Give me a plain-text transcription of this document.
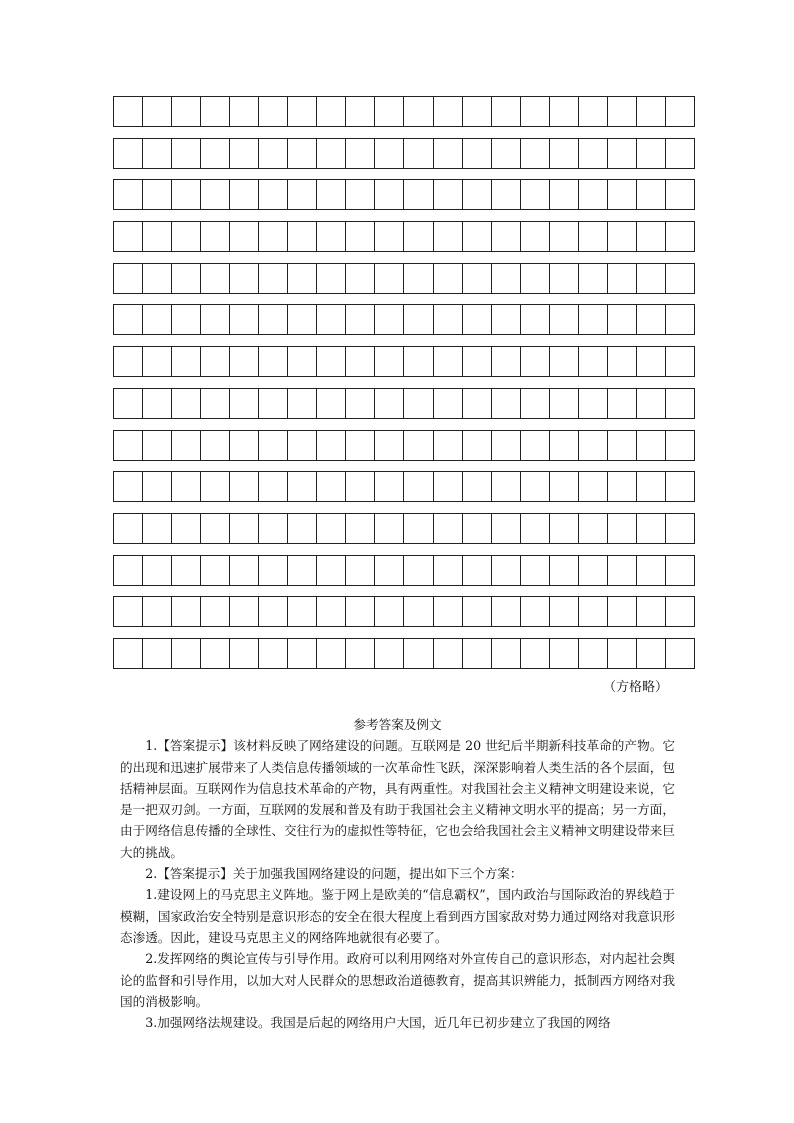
（方格略）
参考答案及例文

1.【答案提示】该材料反映了网络建设的问题。互联网是 20 世纪后半期新科技革命的产物。它的出现和迅速扩展带来了人类信息传播领域的一次革命性飞跃，深深影响着人类生活的各个层面，包括精神层面。互联网作为信息技术革命的产物，具有两重性。对我国社会主义精神文明建设来说，它是一把双刃剑。一方面，互联网的发展和普及有助于我国社会主义精神文明水平的提高；另一方面，由于网络信息传播的全球性、交往行为的虚拟性等特征，它也会给我国社会主义精神文明建设带来巨大的挑战。

2.【答案提示】关于加强我国网络建设的问题，提出如下三个方案：

1.建设网上的马克思主义阵地。鉴于网上是欧美的“信息霸权”，国内政治与国际政治的界线趋于模糊，国家政治安全特别是意识形态的安全在很大程度上看到西方国家敌对势力通过网络对我意识形态渗透。因此，建设马克思主义的网络阵地就很有必要了。

2.发挥网络的舆论宣传与引导作用。政府可以利用网络对外宣传自己的意识形态，对内起社会舆论的监督和引导作用，以加大对人民群众的思想政治道德教育，提高其识辨能力，抵制西方网络对我国的消极影响。

3.加强网络法规建设。我国是后起的网络用户大国，近几年已初步建立了我国的网络
